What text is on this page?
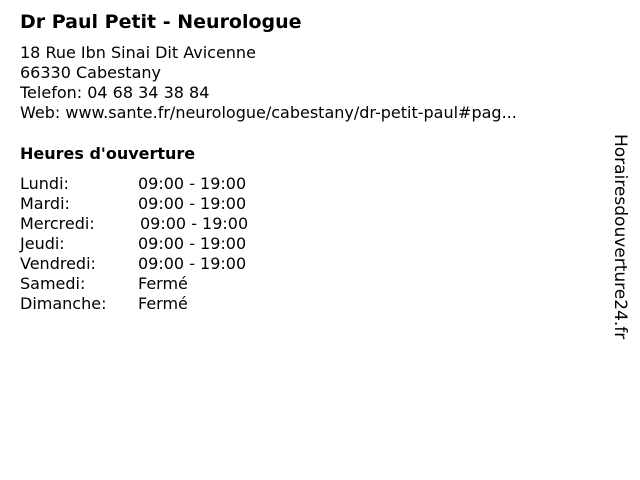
Dr Paul Petit - Neurologue
18 Rue Ibn Sinai Dit Avicenne
66330 Cabestany
Telefon: 04 68 34 38 84
Web: www.sante.fr/neurologue/cabestany/dr-petit-paul#pag...
Heures d'ouverture
Lundi:	09:00 - 19:00
Mardi:	09:00 - 19:00
Mercredi:	09:00 - 19:00
Jeudi:	09:00 - 19:00
Vendredi:	09:00 - 19:00
Samedi:	Fermé
Dimanche: Fermé	Horairesdouverture24.fr
